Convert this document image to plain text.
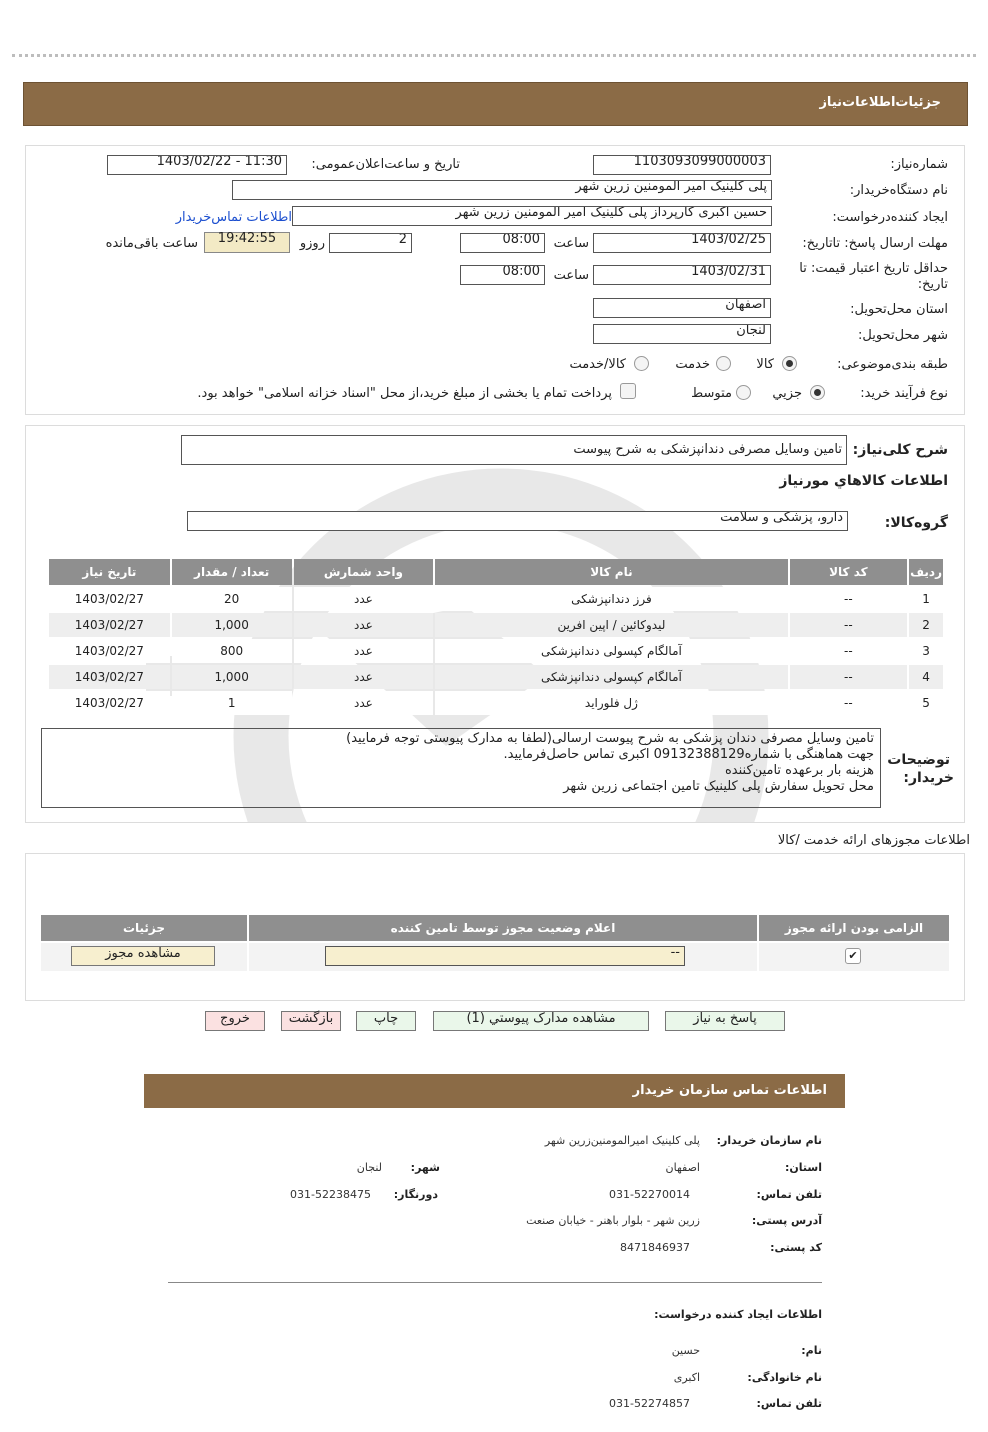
جزئیات‌اطلاعات‌نیاز
شماره‌نیاز:
1103093099000003
تاریخ و ساعت‌اعلان‌عمومی:
1403/02/22 - 11:30
نام دستگاه‌خریدار:
پلی کلینیک امیر المومنین زرین شهر
ایجاد کننده‌درخواست:
حسین اکبری کارپرداز پلی کلینیک امیر المومنین زرین شهر
اطلاعات تماس‌خریدار
مهلت ارسال پاسخ: تاتاریخ:
1403/02/25
ساعت
08:00
2
روزو
19:42:55
ساعت باقی‌مانده
حداقل تاریخ اعتبار قیمت: تا تاریخ:
1403/02/31
ساعت
08:00
استان محل‌تحویل:
اصفهان
شهر محل‌تحویل:
لنجان
طبقه بندی‌موضوعی:
کالا
خدمت
کالا/خدمت
نوع فرآیند خرید:
جزیي
متوسط
پرداخت تمام یا بخشی از مبلغ خرید،از محل "اسناد خزانه اسلامی" خواهد بود.
شرح کلی‌نیاز:
تامین وسایل مصرفی دندانپزشکی به شرح پیوست
اطلاعات کالاهاي مورنياز
گروه‌کالا:
دارو، پزشکی و سلامت
ردیف	کد کالا	نام کالا	واحد شمارش	تعداد / مقدار	تاریخ نیاز
1	--	فرز دندانپزشکی	عدد	20	1403/02/27
2	--	لیدوکائین / اپین افرین	عدد	1,000	1403/02/27
3	--	آمالگام کپسولی دندانپزشکی	عدد	800	1403/02/27
4	--	آمالگام کپسولی دندانپزشکی	عدد	1,000	1403/02/27
5	--	ژل فلوراید	عدد	1	1403/02/27
توضیحات
خریدار:
تامین وسایل مصرفی دندان پزشکی به شرح پیوست ارسالی(لطفا به مدارک پیوستی توجه فرمایید)
جهت هماهنگی با شماره09132388129 اکبری تماس حاصل‌فرمایید.
هزینه بار برعهده تامین‌کننده
محل تحویل سفارش پلی کلینیک تامین اجتماعی زرین شهر
اطلاعات مجوزهای ارائه خدمت /کالا
الزامی بودن ارائه مجوز	اعلام وضعیت مجوز توسط تامین کننده	جزئیات

✔	--	مشاهده مجوز
پاسخ به نیاز
مشاهده مدارک پیوستي (1)
چاپ
بازگشت
خروج
اطلاعات تماس سازمان خریدار
نام سازمان خریدار:
پلی کلینیک امیرالمومنین‌زرین شهر
استان:
اصفهان
شهر:
لنجان
تلفن تماس:
031-52270014
دورنگار:
031-52238475
آدرس پستی:
زرین شهر - بلوار باهنر - خیابان صنعت
کد پستی:
8471846937
اطلاعات ایجاد کننده درخواست:
نام:
حسین
نام خانوادگی:
اکبری
تلفن تماس:
031-52274857
